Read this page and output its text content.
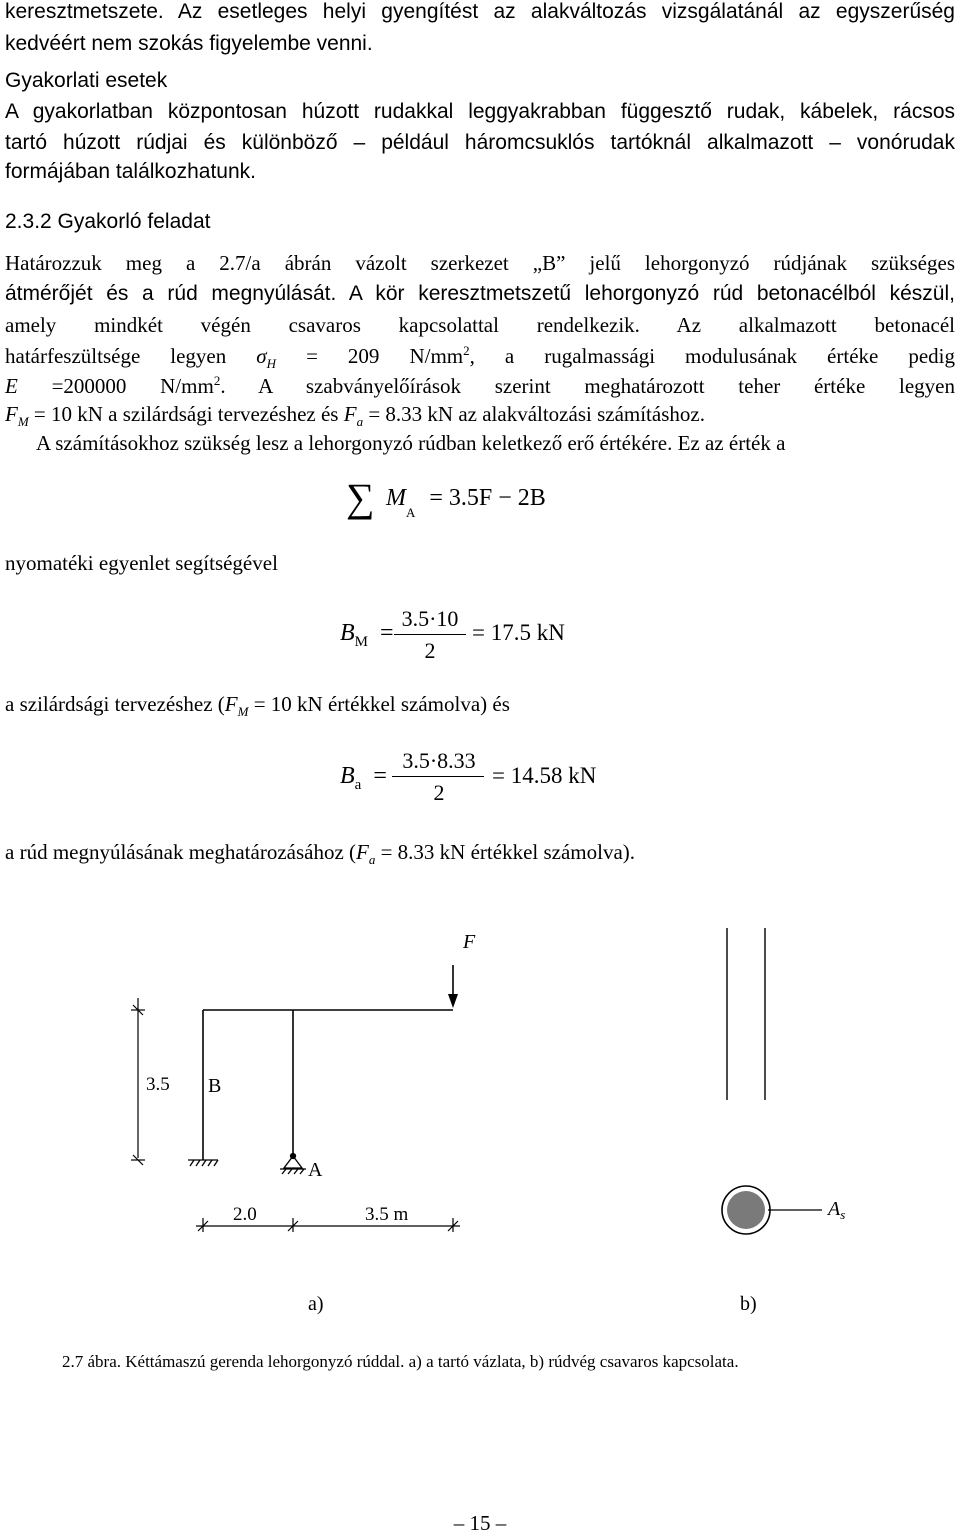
keresztmetszete. Az esetleges helyi gyengítést az alakváltozás vizsgálatánál az egyszerűség
kedvéért nem szokás figyelembe venni.
Gyakorlati esetek
A gyakorlatban központosan húzott rudakkal leggyakrabban függesztő rudak, kábelek, rácsos
tartó húzott rúdjai és különböző – például háromcsuklós tartóknál alkalmazott – vonórudak
formájában találkozhatunk.
2.3.2 Gyakorló feladat
Határozzuk meg a 2.7/a ábrán vázolt szerkezet „B” jelű lehorgonyzó rúdjának szükséges
átmérőjét és a rúd megnyúlását. A kör keresztmetszetű lehorgonyzó rúd betonacélból készül,
amely mindkét végén csavaros kapcsolattal rendelkezik. Az alkalmazott betonacél
határfeszültsége legyen $\sigma_H = 209$ $N/mm^2$, a rugalmassági modulusának értéke pedig
E =200000 $N/mm^2$. A szabványelőírások szerint meghatározott teher értéke legyen
$F_M = 10$ kN a szilárdsági tervezéshez és $F_a = 8.33$ kN az alakváltozási számításhoz.
A számításokhoz szükség lesz a lehorgonyzó rúdban keletkező erő értékére. Ez az érték a
∑ $M_A = 3.5F - 2B$
nyomatéki egyenlet segítségével
$B_M$ =
3.5·10
2
= 17.5 kN
a szilárdsági tervezéshez ($F_M = 10$ kN értékkel számolva) és
$B_a$ =
3.5·8.33
2
= 14.58 kN
a rúd megnyúlásának meghatározásához ($F_a = 8.33$ kN értékkel számolva).
F
B
A
3.5
2.0	3.5 m	$A_s$
a)	b)
2.7 ábra. Kéttámaszú gerenda lehorgonyzó rúddal. a) a tartó vázlata, b) rúdvég csavaros kapcsolata.
– 15 –
